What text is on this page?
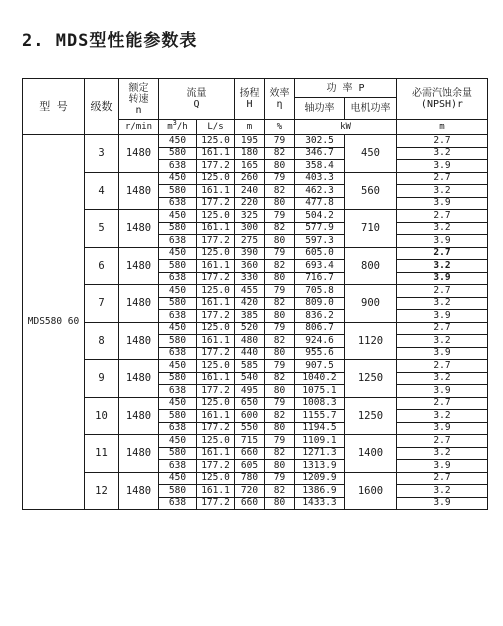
2. MDS型性能参数表
型 号	级数	额定
转速
n	流量
Q		扬程
H	效率
η	功 率 P		必需汽蚀余量
(NPSH)r

							轴功率	电机功率	
		r/min	$m^3/h$	L/s	m	%	kW		m
MDS580 60	3	1480	450	125.0	195	79	302.5	450	2.7
			580	161.1	180	82	346.7		3.2
			638	177.2	165	80	358.4		3.9
	4	1480	450	125.0	260	79	403.3	560	2.7
			580	161.1	240	82	462.3		3.2
			638	177.2	220	80	477.8		3.9
	5	1480	450	125.0	325	79	504.2	710	2.7
			580	161.1	300	82	577.9		3.2
			638	177.2	275	80	597.3		3.9
	6	1480	450	125.0	390	79	605.0	800	2.7
			580	161.1	360	82	693.4		3.2
			638	177.2	330	80	716.7		3.9
	7	1480	450	125.0	455	79	705.8	900	2.7
			580	161.1	420	82	809.0		3.2
			638	177.2	385	80	836.2		3.9
	8	1480	450	125.0	520	79	806.7	1120	2.7
			580	161.1	480	82	924.6		3.2
			638	177.2	440	80	955.6		3.9
	9	1480	450	125.0	585	79	907.5	1250	2.7
			580	161.1	540	82	1040.2		3.2
			638	177.2	495	80	1075.1		3.9
	10	1480	450	125.0	650	79	1008.3	1250	2.7
			580	161.1	600	82	1155.7		3.2
			638	177.2	550	80	1194.5		3.9
	11	1480	450	125.0	715	79	1109.1	1400	2.7
			580	161.1	660	82	1271.3		3.2
			638	177.2	605	80	1313.9		3.9
	12	1480	450	125.0	780	79	1209.9	1600	2.7
			580	161.1	720	82	1386.9		3.2
			638	177.2	660	80	1433.3		3.9
